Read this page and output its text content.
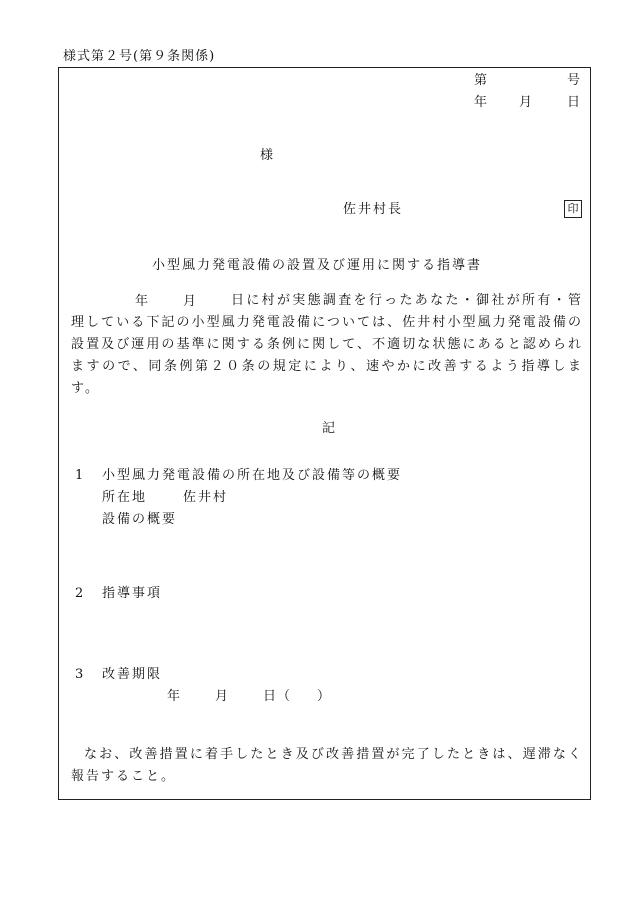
様式第２号(第９条関係)
第	号
年 月	日
様
佐井村長	印
小型風力発電設備の設置及び運用に関する指導書
年	月	日に村が実態調査を行ったあなた・御社が所有・管理している下記の小型風力発電設備については、佐井村小型風力発電設備の設置及び運用の基準に関する条例に関して、不適切な状態にあると認められますので、同条例第２０条の規定により、速やかに改善するよう指導します。
記
1 小型風力発電設備の所在地及び設備等の概要
所在地	佐井村
設備の概要
2 指導事項
3 改善期限
年	月	日 （ ）
なお、改善措置に着手したとき及び改善措置が完了したときは、遅滞なく報告すること。
